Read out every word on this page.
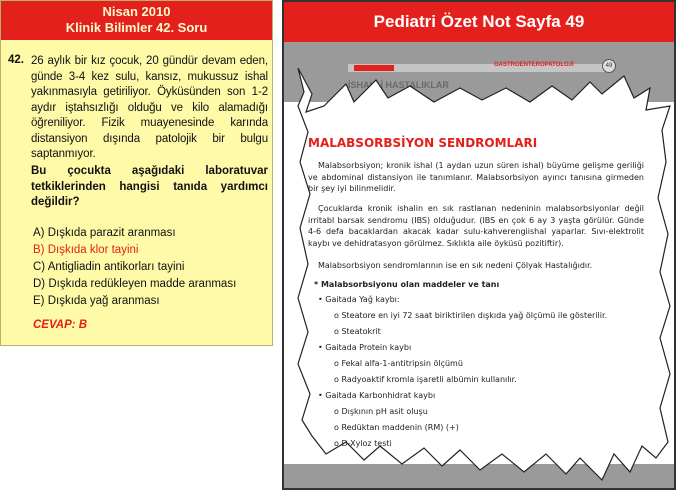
Nisan 2010
Klinik Bilimler 42. Soru
42. 26 aylık bir kız çocuk, 20 gündür devam eden, günde 3-4 kez sulu, kansız, mukussuz ishal yakınmasıyla getiriliyor. Öyküsünden son 1-2 aydır iştahsızlığı olduğu ve kilo alamadığı öğreniliyor. Fizik muayenesinde karında distansiyon dışında patolojik bir bulgu saptanmıyor.
Bu çocukta aşağıdaki laboratuvar tetkiklerinden hangisi tanıda yardımcı değildir?
A) Dışkıda parazit aranması
B) Dışkıda klor tayini
C) Antigliadin antikorları tayini
D) Dışkıda redükleyen madde aranması
E) Dışkıda yağ aranması
CEVAP: B
Pediatri Özet Not Sayfa 49
GASTROENTEROPATOLOJİ	49
İSHALLİ HASTALIKLAR
MALABSORBSİYON SENDROMLARI
Malabsorbsiyon; kronik ishal (1 aydan uzun süren ishal) büyüme gelişme geriliği ve abdominal distansiyon ile tanımlanır. Malabsorbsiyon ayırıcı tanısına girmeden bir şey iyi bilinmelidir.
Çocuklarda kronik ishalin en sık rastlanan nedeninin malabsorbsiyonlar değil irritabl barsak sendromu (IBS) olduğudur. (IBS en çok 6 ay 3 yaşta görülür. Günde 4-6 defa bacaklardan akacak kadar sulu-kahverengiishal yaparlar. Sıvı-elektrolit kaybı ve dehidratasyon görülmez. Sıklıkla aile öyküsü pozitiftir).
Malabsorbsiyon sendromlarının ise en sık nedeni Çölyak Hastalığıdır.
* Malabsorbsiyonu olan maddeler ve tanı
• Gaitada Yağ kaybı:
o Steatore en iyi 72 saat biriktirilen dışkıda yağ ölçümü ile gösterilir.
o Steatokrit
• Gaitada Protein kaybı
o Fekal alfa-1-antitripsin ölçümü
o Radyoaktif kromla işaretli albümin kullanılır.
• Gaitada Karbonhidrat kaybı
o Dışkının pH asit oluşu
o Redüktan maddenin (RM) (+)
o D-Xyloz testi
